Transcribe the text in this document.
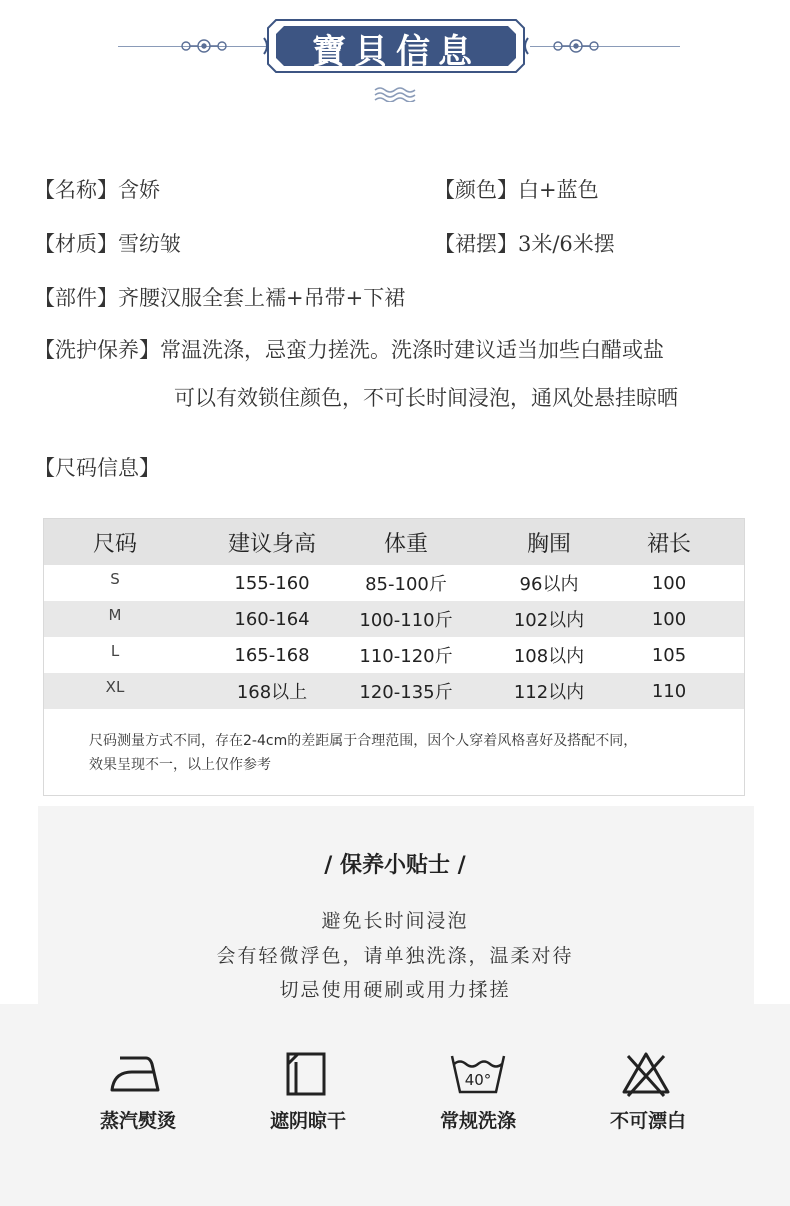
寶貝信息
【名称】含娇	【颜色】白+蓝色
【材质】雪纺皱	【裙摆】3米/6米摆
【部件】齐腰汉服全套上襦+吊带+下裙
【洗护保养】常温洗涤，忌蛮力搓洗。洗涤时建议适当加些白醋或盐
可以有效锁住颜色，不可长时间浸泡，通风处悬挂晾晒
【尺码信息】
尺码	建议身高	体重	胸围	裙长
S	155-160	85-100斤	96以内	100
M	160-164	100-110斤	102以内	100
L	165-168	110-120斤	108以内	105
XL	168以上	120-135斤	112以内	110
尺码测量方式不同，存在2-4cm的差距属于合理范围，因个人穿着风格喜好及搭配不同，
效果呈现不一，以上仅作参考
/ 保养小贴士 /
避免长时间浸泡
会有轻微浮色，请单独洗涤，温柔对待
切忌使用硬刷或用力揉搓
蒸汽熨烫	遮阴晾干
40°
常规洗涤	不可漂白
